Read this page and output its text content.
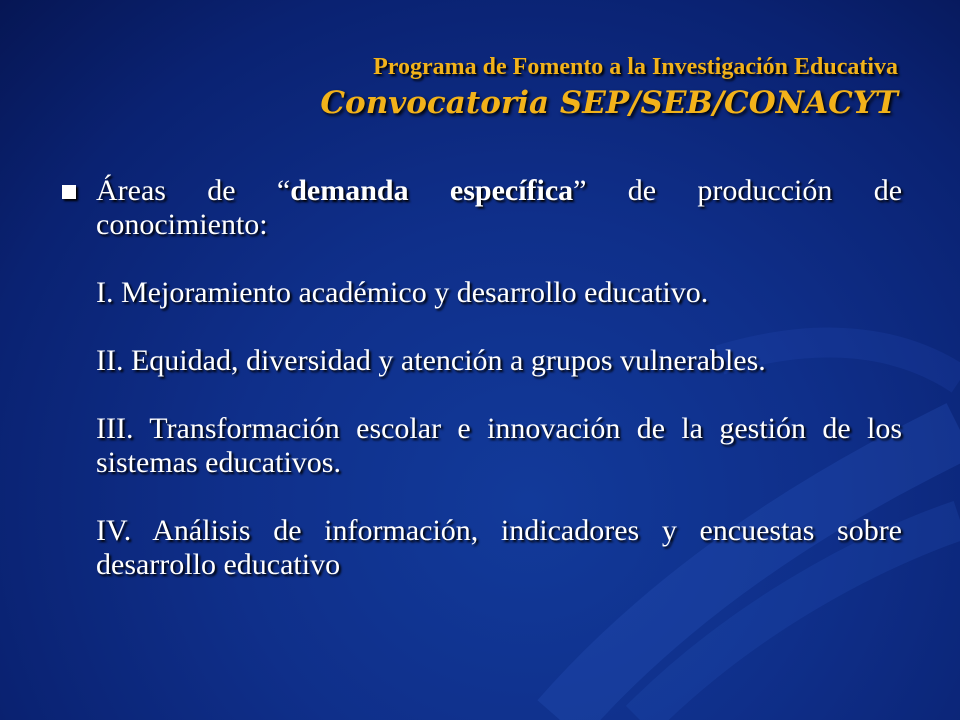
Programa de Fomento a la Investigación Educativa
Convocatoria SEP/SEB/CONACYT

Áreas de “demanda específica” de producción de

conocimiento:

I. Mejoramiento académico y desarrollo educativo.

II. Equidad, diversidad y atención a grupos vulnerables.

III. Transformación escolar e innovación de la gestión de los sistemas educativos.

IV. Análisis de información, indicadores y encuestas sobre desarrollo educativo
